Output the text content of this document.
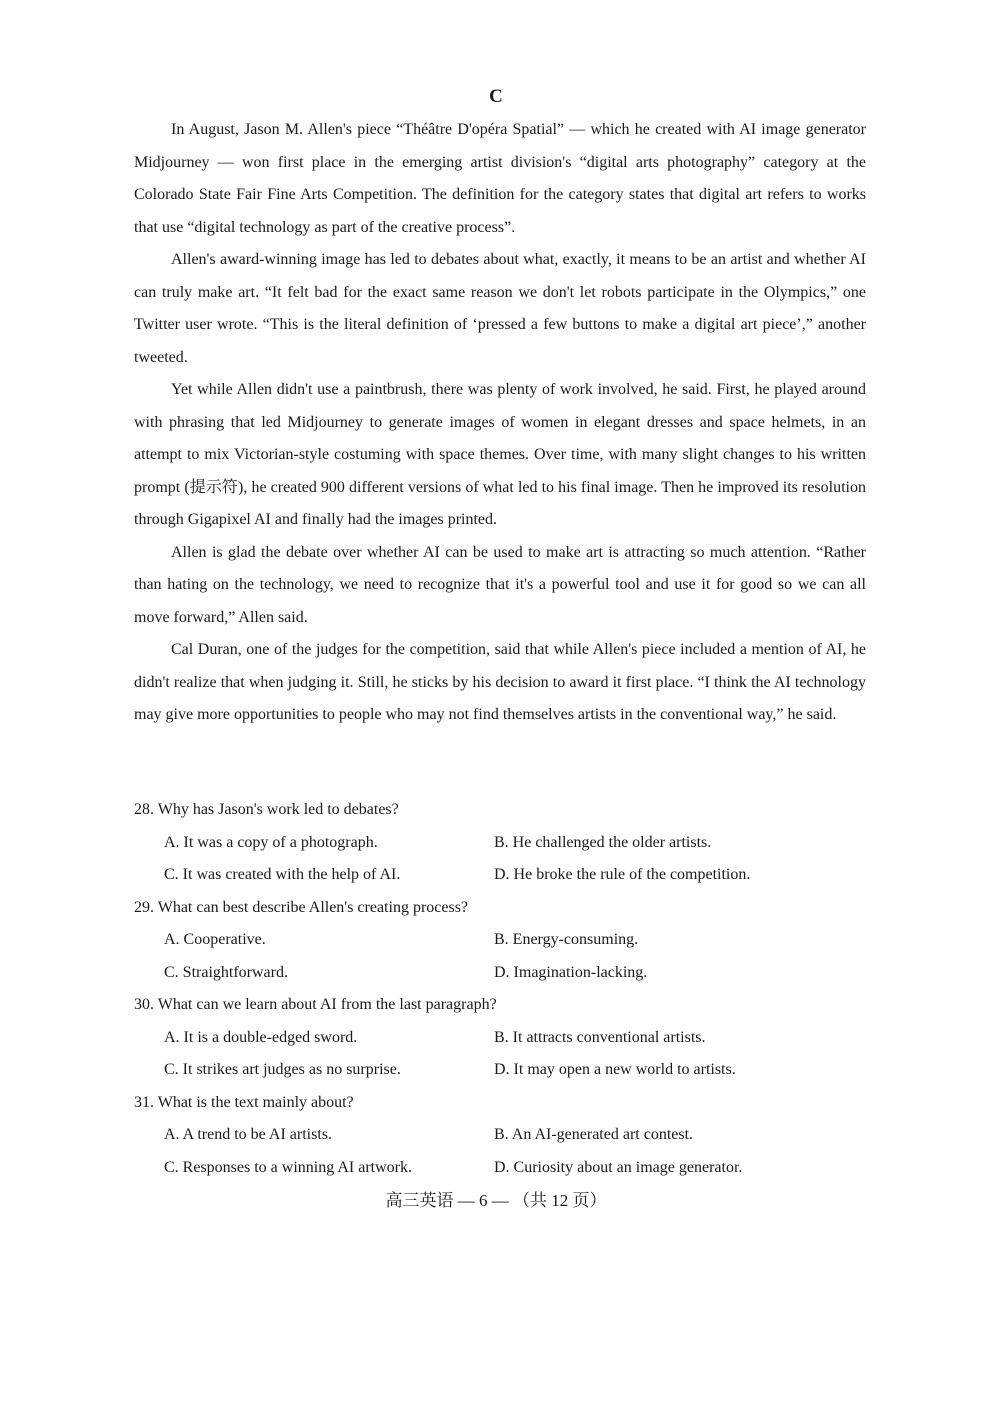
C

In August, Jason M. Allen's piece “Théâtre D'opéra Spatial” — which he created with AI image generator Midjourney — won first place in the emerging artist division's “digital arts photography” category at the Colorado State Fair Fine Arts Competition. The definition for the category states that digital art refers to works that use “digital technology as part of the creative process”.

Allen's award-winning image has led to debates about what, exactly, it means to be an artist and whether AI can truly make art. “It felt bad for the exact same reason we don't let robots participate in the Olympics,” one Twitter user wrote. “This is the literal definition of ‘pressed a few buttons to make a digital art piece’,” another tweeted.

Yet while Allen didn't use a paintbrush, there was plenty of work involved, he said. First, he played around with phrasing that led Midjourney to generate images of women in elegant dresses and space helmets, in an attempt to mix Victorian-style costuming with space themes. Over time, with many slight changes to his written prompt (提示符), he created 900 different versions of what led to his final image. Then he improved its resolution through Gigapixel AI and finally had the images printed.

Allen is glad the debate over whether AI can be used to make art is attracting so much attention. “Rather than hating on the technology, we need to recognize that it's a powerful tool and use it for good so we can all move forward,” Allen said.

Cal Duran, one of the judges for the competition, said that while Allen's piece included a mention of AI, he didn't realize that when judging it. Still, he sticks by his decision to award it first place. “I think the AI technology may give more opportunities to people who may not find themselves artists in the conventional way,” he said.

28. Why has Jason's work led to debates?

A. It was a copy of a photograph.	B. He challenged the older artists.
C. It was created with the help of AI.	D. He broke the rule of the competition.

29. What can best describe Allen's creating process?

A. Cooperative.	B. Energy-consuming.
C. Straightforward.	D. Imagination-lacking.

30. What can we learn about AI from the last paragraph?

A. It is a double-edged sword.	B. It attracts conventional artists.
C. It strikes art judges as no surprise.	D. It may open a new world to artists.

31. What is the text mainly about?

A. A trend to be AI artists.	B. An AI-generated art contest.
C. Responses to a winning AI artwork.	D. Curiosity about an image generator.
高三英语 — 6 — （共 12 页）
